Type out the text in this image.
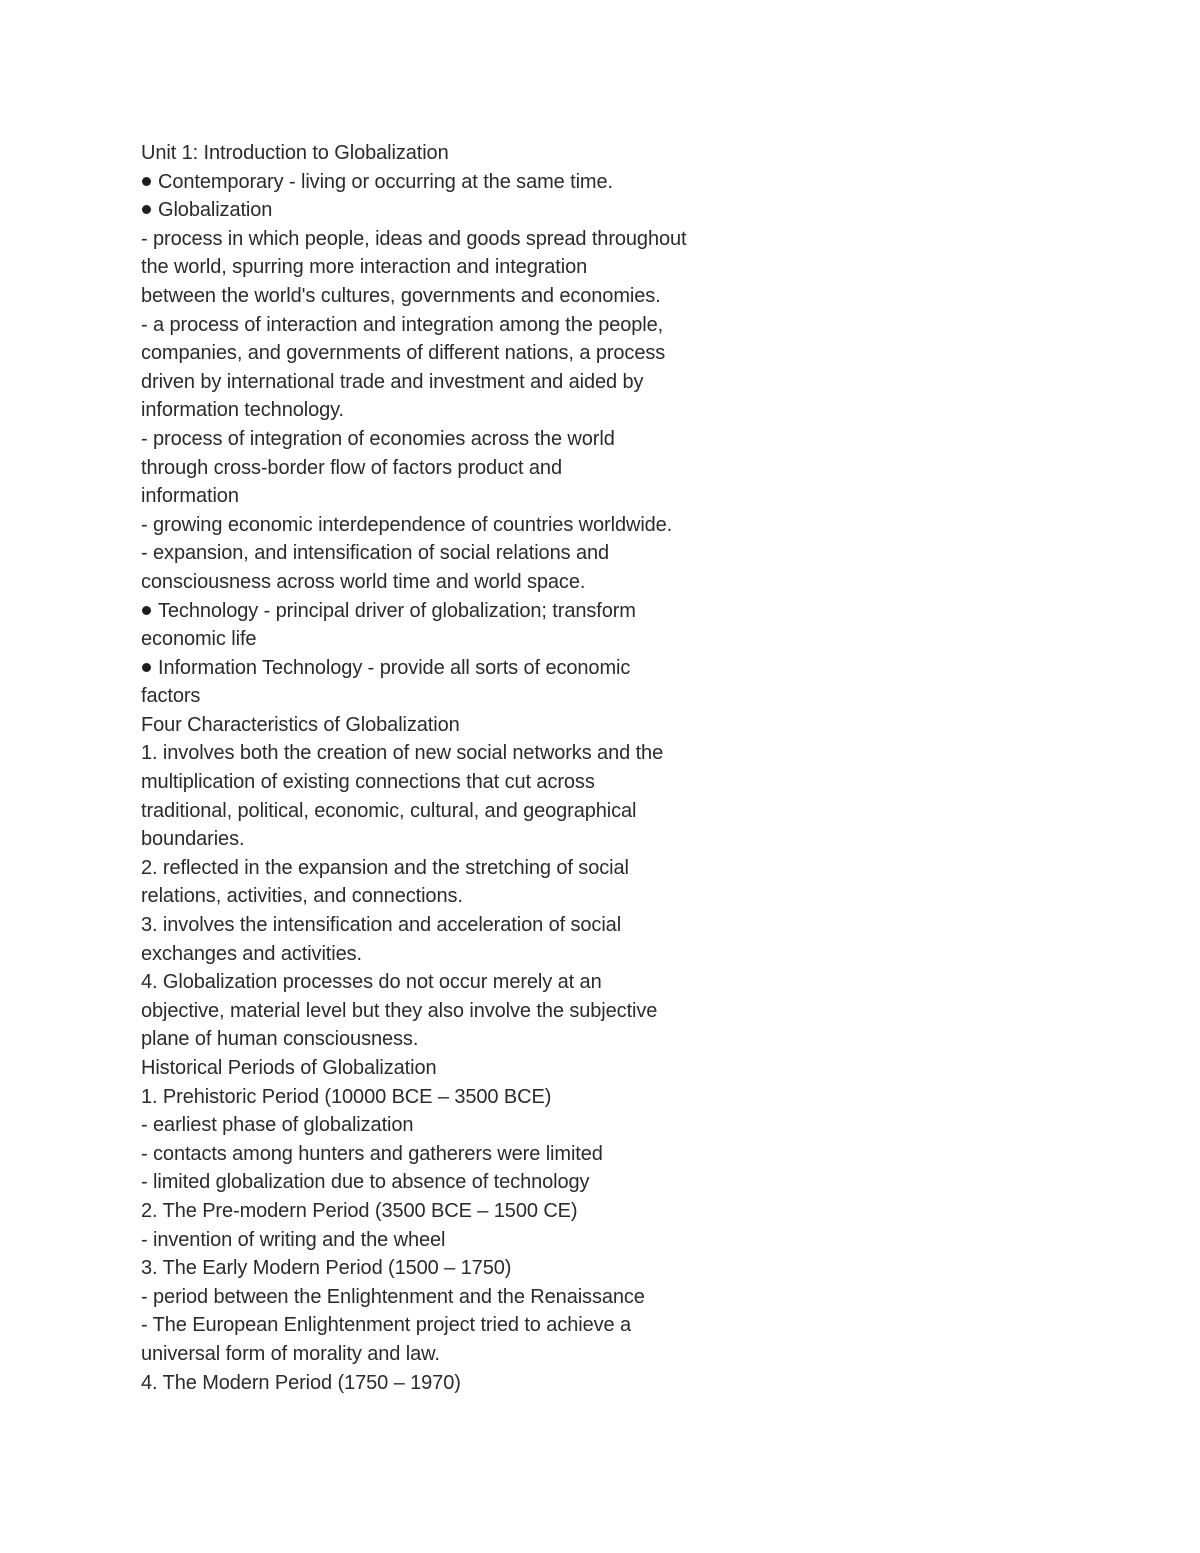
Unit 1: Introduction to Globalization
Contemporary - living or occurring at the same time.
Globalization
- process in which people, ideas and goods spread throughout
the world, spurring more interaction and integration
between the world's cultures, governments and economies.
- a process of interaction and integration among the people,
companies, and governments of different nations, a process
driven by international trade and investment and aided by
information technology.
- process of integration of economies across the world
through cross-border flow of factors product and
information
- growing economic interdependence of countries worldwide.
- expansion, and intensification of social relations and
consciousness across world time and world space.
Technology - principal driver of globalization; transform
economic life
Information Technology - provide all sorts of economic
factors
Four Characteristics of Globalization
1. involves both the creation of new social networks and the
multiplication of existing connections that cut across
traditional, political, economic, cultural, and geographical
boundaries.
2. reflected in the expansion and the stretching of social
relations, activities, and connections.
3. involves the intensification and acceleration of social
exchanges and activities.
4. Globalization processes do not occur merely at an
objective, material level but they also involve the subjective
plane of human consciousness.
Historical Periods of Globalization
1. Prehistoric Period (10000 BCE – 3500 BCE)
- earliest phase of globalization
- contacts among hunters and gatherers were limited
- limited globalization due to absence of technology
2. The Pre-modern Period (3500 BCE – 1500 CE)
- invention of writing and the wheel
3. The Early Modern Period (1500 – 1750)
- period between the Enlightenment and the Renaissance
- The European Enlightenment project tried to achieve a
universal form of morality and law.
4. The Modern Period (1750 – 1970)
